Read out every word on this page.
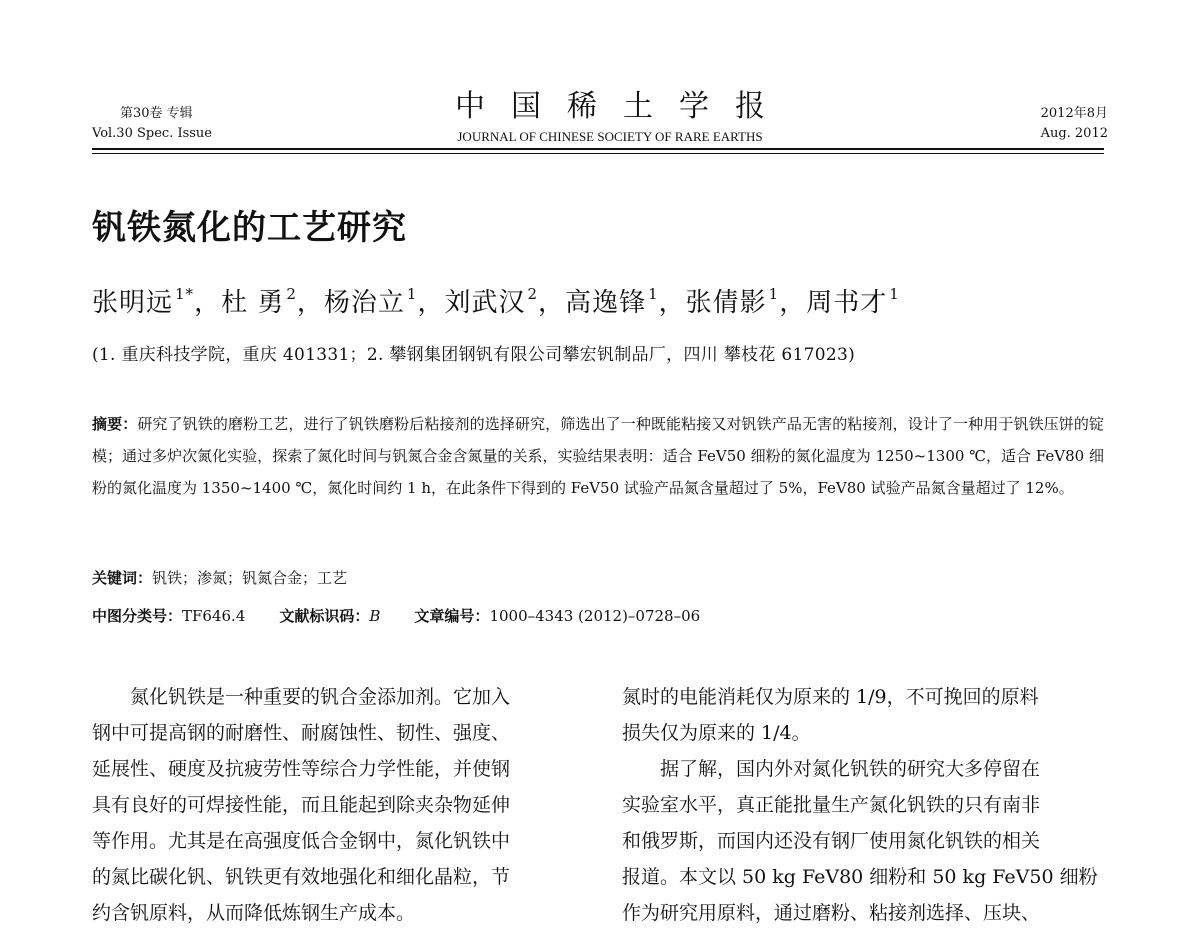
第30卷 专辑
Vol.30 Spec. Issue
中国稀土学报
JOURNAL OF CHINESE SOCIETY OF RARE EARTHS
2012年8月
Aug. 2012
钒铁氮化的工艺研究
张明远 $^{1*}$，杜 勇 $^2$，杨治立 $^1$，刘武汉 $^2$，高逸锋 $^1$，张倩影 $^1$，周书才 $^1$
(1. 重庆科技学院，重庆 401331；2. 攀钢集团钢钒有限公司攀宏钒制品厂，四川 攀枝花 617023)
摘要：研究了钒铁的磨粉工艺，进行了钒铁磨粉后粘接剂的选择研究，筛选出了一种既能粘接又对钒铁产品无害的粘接剂，设计了一种用于钒铁压饼的锭模；通过多炉次氮化实验，探索了氮化时间与钒氮合金含氮量的关系，实验结果表明：适合 FeV50 细粉的氮化温度为 1250~1300 ℃，适合 FeV80 细粉的氮化温度为 1350~1400 ℃，氮化时间约 1 h，在此条件下得到的 FeV50 试验产品氮含量超过了 5%，FeV80 试验产品氮含量超过了 12%。
关键词：钒铁；渗氮；钒氮合金；工艺
中图分类号：TF646.4 文献标识码：B 文章编号：1000–4343 (2012)–0728–06
　　氮化钒铁是一种重要的钒合金添加剂。它加入
钢中可提高钢的耐磨性、耐腐蚀性、韧性、强度、
延展性、硬度及抗疲劳性等综合力学性能，并使钢
具有良好的可焊接性能，而且能起到除夹杂物延伸
等作用。尤其是在高强度低合金钢中，氮化钒铁中
的氮比碳化钒、钒铁更有效地强化和细化晶粒，节
约含钒原料，从而降低炼钢生产成本。
氮时的电能消耗仅为原来的 1/9，不可挽回的原料
损失仅为原来的 1/4。
　　据了解，国内外对氮化钒铁的研究大多停留在
实验室水平，真正能批量生产氮化钒铁的只有南非
和俄罗斯，而国内还没有钢厂使用氮化钒铁的相关
报道。本文以 50 kg FeV80 细粉和 50 kg FeV50 细粉
作为研究用原料，通过磨粉、粘接剂选择、压块、
